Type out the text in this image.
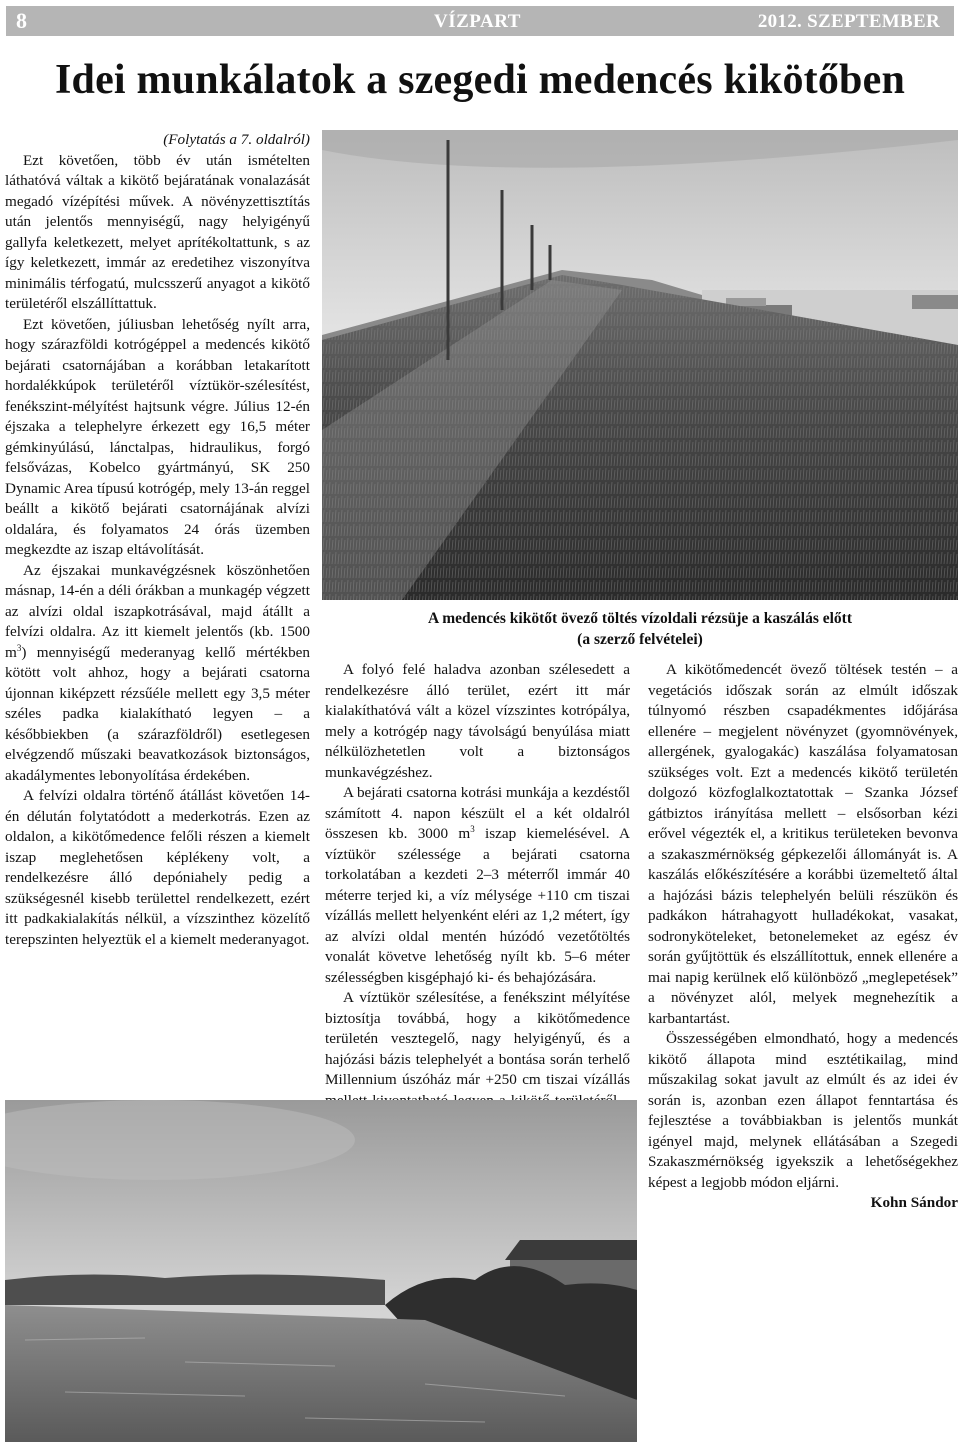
8	VÍZPART	2012. SZEPTEMBER
Idei munkálatok a szegedi medencés kikötőben

(Folytatás a 7. oldalról)

Ezt követően, több év után ismételten láthatóvá váltak a kikötő bejáratának vonalazását megadó vízépítési művek. A növényzettisztítás után jelentős mennyiségű, nagy helyigényű gallyfa keletkezett, melyet aprítékoltattunk, s az így keletkezett, immár az eredetihez viszonyítva minimális térfogatú, mulcsszerű anyagot a kikötő területéről elszállíttattuk.

Ezt követően, júliusban lehetőség nyílt arra, hogy szárazföldi kotrógéppel a medencés kikötő bejárati csatornájában a korábban letakarított hordalékkúpok területéről víztükör-szélesítést, fenékszint-mélyítést hajtsunk végre. Július 12-én éjszaka a telephelyre érkezett egy 16,5 méter gémkinyúlású, lánctalpas, hidraulikus, forgó felsővázas, Kobelco gyártmányú, SK 250 Dynamic Area típusú kotrógép, mely 13-án reggel beállt a kikötő bejárati csatornájának alvízi oldalára, és folyamatos 24 órás üzemben megkezdte az iszap eltávolítását.

Az éjszakai munkavégzésnek köszönhetően másnap, 14-én a déli órákban a munkagép végzett az alvízi oldal iszapkotrásával, majd átállt a felvízi oldalra. Az itt kiemelt jelentős (kb. 1500 $m^3$) mennyiségű mederanyag kellő mértékben kötött volt ahhoz, hogy a bejárati csatorna újonnan kiképzett rézsűéle mellett egy 3,5 méter széles padka kialakítható legyen – a későbbiekben (a szárazföldről) esetlegesen elvégzendő műszaki beavatkozások biztonságos, akadálymentes lebonyolítása érdekében.

A felvízi oldalra történő átállást követően 14-én délután folytatódott a mederkotrás. Ezen az oldalon, a kikötőmedence felőli részen a kiemelt iszap meglehetősen képlékeny volt, a rendelkezésre álló depóniahely pedig a szükségesnél kisebb területtel rendelkezett, ezért itt padkakialakítás nélkül, a vízszinthez közelítő terepszinten helyeztük el a kiemelt mederanyagot.

A medencés kikötőt övező töltés vízoldali rézsüje a kaszálás előtt
(a szerző felvételei)

A folyó felé haladva azonban szélesedett a rendelkezésre álló terület, ezért itt már kialakíthatóvá vált a közel vízszintes kotrópálya, mely a kotrógép nagy távolságú benyúlása miatt nélkülözhetetlen volt a biztonságos munkavégzéshez.

A bejárati csatorna kotrási munkája a kezdéstől számított 4. napon készült el a két oldalról összesen kb. 3000 $m^3$ iszap kiemelésével. A víztükör szélessége a bejárati csatorna torkolatában a kezdeti 2–3 méterről immár 40 méterre terjed ki, a víz mélysége +110 cm tiszai vízállás mellett helyenként eléri az 1,2 métert, így az alvízi oldal mentén húzódó vezetőtöltés vonalát követve lehetőség nyílt kb. 5–6 méter szélességben kisgéphajó ki- és behajózására.

A víztükör szélesítése, a fenékszint mélyítése biztosítja továbbá, hogy a kikötőmedence területén vesztegelő, nagy helyigényű, és a hajózási bázis telephelyét a bontása során terhelő Millennium úszóház már +250 cm tiszai vízállás

A kikötőmedencét övező töltések testén – a vegetációs időszak során az elmúlt időszak túlnyomó részben csapadékmentes időjárása ellenére – megjelent növényzet (gyomnövények, allergének, gyalogakác) kaszálása folyamatosan szükséges volt. Ezt a medencés kikötő területén dolgozó közfoglalkoztatottak – Szanka József gátbiztos irányítása mellett – elsősorban kézi erővel végezték el, a kritikus területeken bevonva a szakaszmérnökség gépkezelői állományát is. A kaszálás előkészítésére a korábbi üzemeltető által a hajózási bázis telephelyén belüli részükön és padkákon hátrahagyott hulladékokat, vasakat, sodronyköteleket, betonelemeket az egész év során gyűjtöttük és elszállítottuk, ennek ellenére a mai napig kerülnek elő különböző „meglepetések” a növényzet alól, melyek megnehezítik a karbantartást.

Összességében elmondható, hogy a medencés kikötő állapota mind esztétikailag, mind műszakilag sokat javult az elmúlt és az idei év során is, azonban ezen állapot fenntartása és fejlesztése a továbbiakban is jelentős munkát igényel majd, melynek ellátásában a Szegedi Szakaszmérnökség igyekszik a lehetőségekhez képest a legjobb módon eljárni.

Kohn Sándor
